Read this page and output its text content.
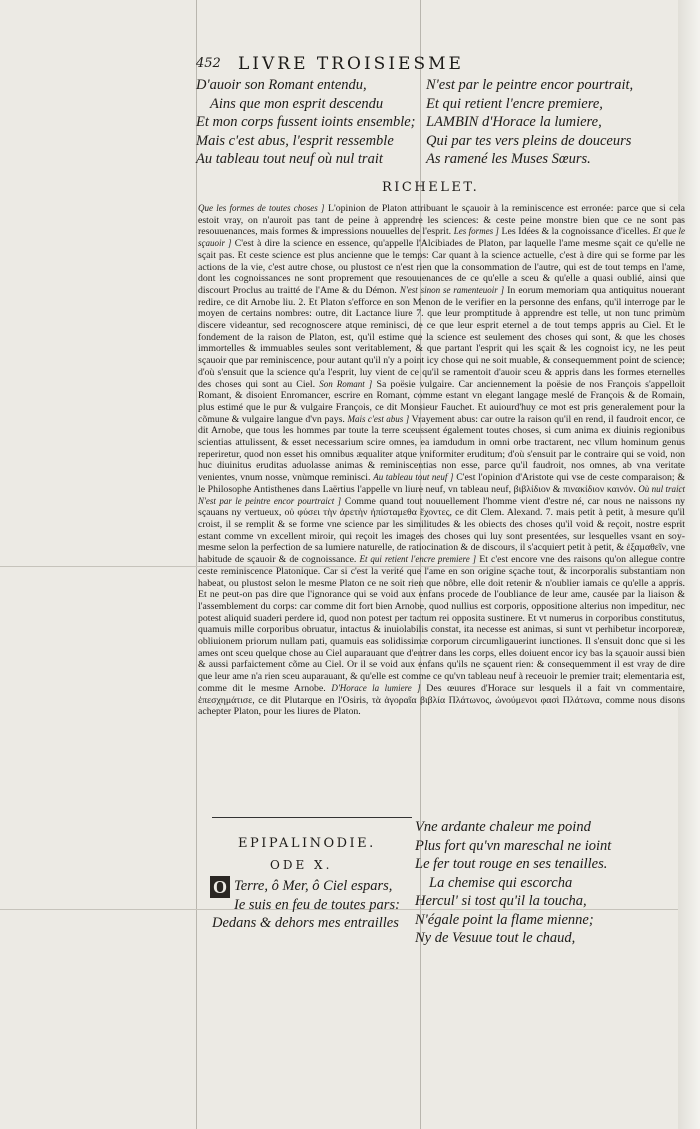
452 LIVRE TROISIESME
D'auoir son Romant entendu,
Ains que mon esprit descendu
Et mon corps fussent ioints ensemble;
Mais c'est abus, l'esprit ressemble
Au tableau tout neuf où nul trait
N'est par le peintre encor pourtrait,
Et qui retient l'encre premiere,
LAMBIN d'Horace la lumiere,
Qui par tes vers pleins de douceurs
As ramené les Muses Sœurs.
RICHELET.

Que les formes de toutes choses ] L'opinion de Platon attribuant le sçauoir à la reminiscence est erronée: parce que si cela estoit vray, on n'auroit pas tant de peine à apprendre les sciences: & ceste peine monstre bien que ce ne sont pas resouuenances, mais formes & impressions nouuelles de l'esprit. Les formes ] Les Idées & la cognoissance d'icelles. Et que le sçauoir ] C'est à dire la science en essence, qu'appelle l'Alcibiades de Platon, par laquelle l'ame mesme sçait ce qu'elle ne sçait pas. Et ceste science est plus ancienne que le temps: Car quant à la science actuelle, c'est à dire qui se forme par les actions de la vie, c'est autre chose, ou plustost ce n'est rien que la consommation de l'autre, qui est de tout temps en l'ame, dont les cognoissances ne sont proprement que resouuenances de ce qu'elle a sceu & qu'elle a quasi oublié, ainsi que discourt Proclus au traitté de l'Ame & du Démon. N'est sinon se ramenteuoir ] In eorum memoriam qua antiquitus nouerant redire, ce dit Arnobe liu. 2. Et Platon s'efforce en son Menon de le verifier en la personne des enfans, qu'il interroge par le moyen de certains nombres: outre, dit Lactance liure 7. que leur promptitude à apprendre est telle, ut non tunc primùm discere videantur, sed recognoscere atque reminisci, de ce que leur esprit eternel a de tout temps appris au Ciel. Et le fondement de la raison de Platon, est, qu'il estime que la science est seulement des choses qui sont, & que les choses immortelles & immuables seules sont veritablement, & que partant l'esprit qui les sçait & les cognoist icy, ne les peut sçauoir que par reminiscence, pour autant qu'il n'y a point icy chose qui ne soit muable, & consequemment point de science; d'où s'ensuit que la science qu'a l'esprit, luy vient de ce qu'il se ramentoit d'auoir sceu & appris dans les formes eternelles des choses qui sont au Ciel. Son Romant ] Sa poësie vulgaire. Car anciennement la poësie de nos François s'appelloit Romant, & disoient Enromancer, escrire en Romant, comme estant vn elegant langage meslé de François & de Romain, plus estimé que le pur & vulgaire François, ce dit Monsieur Fauchet. Et auiourd'huy ce mot est pris generalement pour la cõmune & vulgaire langue d'vn pays. Mais c'est abus ] Vrayement abus: car outre la raison qu'il en rend, il faudroit encor, ce dit Arnobe, que tous les hommes par toute la terre sceussent également toutes choses, si cum anima ex diuinis regionibus scientias attulissent, & esset necessarium scire omnes, ea iamdudum in omni orbe tractarent, nec vllum hominum genus reperiretur, quod non esset his omnibus æqualiter atque vniformiter eruditum; d'où s'ensuit par le contraire qui se void, non huc diuinitus eruditas aduolasse animas & reminiscentias non esse, parce qu'il faudroit, nos omnes, ab vna veritate venientes, vnum nosse, vnùmque reminisci. Au tableau tout neuf ] C'est l'opinion d'Aristote qui vse de ceste comparaison; & le Philosophe Antisthenes dans Laërtius l'appelle vn liure neuf, vn tableau neuf, βιβλίδιον & πινακίδιον καινόν. Où nul traict N'est par le peintre encor pourtraict ] Comme quand tout nouuellement l'homme vient d'estre né, car nous ne naissons ny sçauans ny vertueux, οὐ φύσει τὴν ἀρετὴν ἠπίσταμεθα ἔχοντες, ce dit Clem. Alexand. 7. mais petit à petit, à mesure qu'il croist, il se remplit & se forme vne science par les similitudes & les obiects des choses qu'il void & reçoit, nostre esprit estant comme vn excellent miroir, qui reçoit les images des choses qui luy sont presentées, sur lesquelles vsant en soy-mesme selon la perfection de sa lumiere naturelle, de ratiocination & de discours, il s'acquiert petit à petit, & ἐξαμαθεῖν, vne habitude de sçauoir & de cognoissance. Et qui retient l'encre premiere ] Et c'est encore vne des raisons qu'on allegue contre ceste reminiscence Platonique. Car si c'est la verité que l'ame en son origine sçache tout, & incorporalis substantiam non habeat, ou plustost selon le mesme Platon ce ne soit rien que nôbre, elle doit retenir & n'oublier iamais ce qu'elle a appris. Et ne peut-on pas dire que l'ignorance qui se void aux enfans procede de l'oubliance de leur ame, causée par la liaison & l'assemblement du corps: car comme dit fort bien Arnobe, quod nullius est corporis, oppositione alterius non impeditur, nec potest aliquid suaderi perdere id, quod non potest per tactum rei opposita sustinere. Et vt numerus in corporibus constitutus, quamuis mille corporibus obruatur, intactus & inuiolabilis constat, ita necesse est animas, si sunt vt perhibetur incorporeæ, obliuionem priorum nullam pati, quamuis eas solidissimæ corporum circumligauerint iunctiones. Il s'ensuit donc que si les ames ont sceu quelque chose au Ciel auparauant que d'entrer dans les corps, elles doiuent encor icy bas la sçauoir aussi bien & aussi parfaictement cõme au Ciel. Or il se void aux enfans qu'ils ne sçauent rien: & consequemment il est vray de dire que leur ame n'a rien sceu auparauant, & qu'elle est comme ce qu'vn tableau neuf à receuoir le premier trait; elementaria est, comme dit le mesme Arnobe. D'Horace la lumiere ] Des œuures d'Horace sur lesquels il a fait vn commentaire, ἐπεσχημάτισε, ce dit Plutarque en l'Osiris, τὰ ἀγοραῖα βιβλία Πλάτωνος, ὠνούμενοι φασὶ Πλάτωνα, comme nous disons achepter Platon, pour les liures de Platon.

EPIPALINODIE.
ODE X.
O Terre, ô Mer, ô Ciel espars,
Ie suis en feu de toutes pars:
Dedans & dehors mes entrailles
Vne ardante chaleur me poind
Plus fort qu'vn mareschal ne ioint
Le fer tout rouge en ses tenailles.
La chemise qui escorcha
Hercul' si tost qu'il la toucha,
N'égale point la flame mienne;
Ny de Vesuue tout le chaud,
